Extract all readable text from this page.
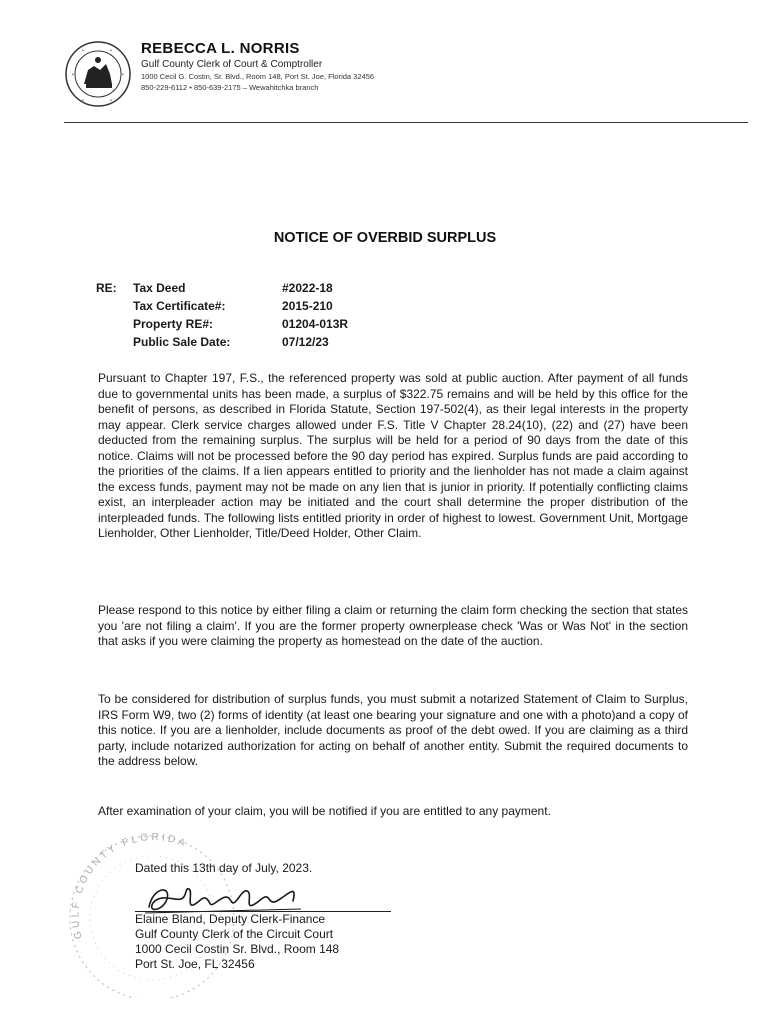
•	•
•	•
•	•
REBECCA L. NORRIS
Gulf County Clerk of Court & Comptroller
1000 Cecil G. Costin, Sr. Blvd., Room 148, Port St. Joe, Florida 32456
850-229-6112 • 850-639-2175 – Wewahitchka branch
NOTICE OF OVERBID SURPLUS
RE: Tax Deed	#2022-18
Tax Certificate#:	2015-210
Property RE#:	01204-013R
Public Sale Date:	07/12/23

Pursuant to Chapter 197, F.S., the referenced property was sold at public auction. After payment of all funds due to governmental units has been made, a surplus of $322.75 remains and will be held by this office for the benefit of persons, as described in Florida Statute, Section 197-502(4), as their legal interests in the property may appear. Clerk service charges allowed under F.S. Title V Chapter 28.24(10), (22) and (27) have been deducted from the remaining surplus. The surplus will be held for a period of 90 days from the date of this notice. Claims will not be processed before the 90 day period has expired. Surplus funds are paid according to the priorities of the claims. If a lien appears entitled to priority and the lienholder has not made a claim against the excess funds, payment may not be made on any lien that is junior in priority. If potentially conflicting claims exist, an interpleader action may be initiated and the court shall determine the proper distribution of the interpleaded funds. The following lists entitled priority in order of highest to lowest. Government Unit, Mortgage Lienholder, Other Lienholder, Title/Deed Holder, Other Claim.

Please respond to this notice by either filing a claim or returning the claim form checking the section that states you 'are not filing a claim'. If you are the former property ownerplease check 'Was or Was Not' in the section that asks if you were claiming the property as homestead on the date of the auction.

To be considered for distribution of surplus funds, you must submit a notarized Statement of Claim to Surplus, IRS Form W9, two (2) forms of identity (at least one bearing your signature and one with a photo)and a copy of this notice. If you are a lienholder, include documents as proof of the debt owed. If you are claiming as a third party, include notarized authorization for acting on behalf of another entity. Submit the required documents to the address below.

After examination of your claim, you will be notified if you are entitled to any payment.

GULF COUNTY FLORIDA
Dated this 13th day of July, 2023.
Elaine Bland, Deputy Clerk-Finance
Gulf County Clerk of the Circuit Court
1000 Cecil Costin Sr. Blvd., Room 148
Port St. Joe, FL 32456
